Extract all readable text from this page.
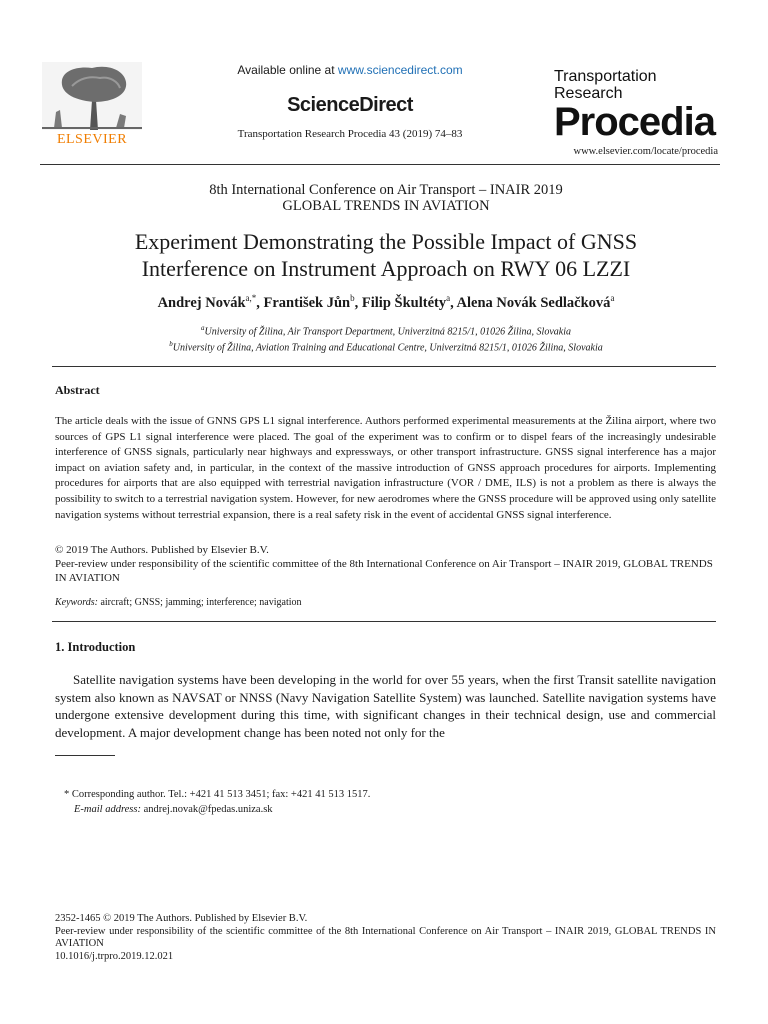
ELSEVIER
Available online at www.sciencedirect.com
ScienceDirect
Transportation Research Procedia 43 (2019) 74–83
Transportation
Research
Procedia
www.elsevier.com/locate/procedia
8th International Conference on Air Transport – INAIR 2019
GLOBAL TRENDS IN AVIATION
Experiment Demonstrating the Possible Impact of GNSS
Interference on Instrument Approach on RWY 06 LZZI
Andrej Novák$^{a,*}$, František Jůn$^b$, Filip Škultéty$^a$, Alena Novák Sedlačková$^a$
$^a$University of Žilina, Air Transport Department, Univerzitná 8215/1, 01026 Žilina, Slovakia
$^b$University of Žilina, Aviation Training and Educational Centre, Univerzitná 8215/1, 01026 Žilina, Slovakia
Abstract
The article deals with the issue of GNNS GPS L1 signal interference. Authors performed experimental measurements at the Žilina airport, where two sources of GPS L1 signal interference were placed. The goal of the experiment was to confirm or to dispel fears of the increasingly undesirable interference of GNSS signals, particularly near highways and expressways, or other transport infrastructure. GNSS signal interference has a major impact on aviation safety and, in particular, in the context of the massive introduction of GNSS approach procedures for airports. Implementing procedures for airports that are also equipped with terrestrial navigation infrastructure (VOR / DME, ILS) is not a problem as there is always the possibility to switch to a terrestrial navigation system. However, for new aerodromes where the GNSS procedure will be approved using only satellite navigation systems without terrestrial expansion, there is a real safety risk in the event of accidental GNSS signal interference.
© 2019 The Authors. Published by Elsevier B.V.
Peer-review under responsibility of the scientific committee of the 8th International Conference on Air Transport – INAIR 2019, GLOBAL TRENDS IN AVIATION
Keywords: aircraft; GNSS; jamming; interference; navigation
1. Introduction
Satellite navigation systems have been developing in the world for over 55 years, when the first Transit satellite navigation system also known as NAVSAT or NNSS (Navy Navigation Satellite System) was launched. Satellite navigation systems have undergone extensive development during this time, with significant changes in their technical design, use and commercial development. A major development change has been noted not only for the
* Corresponding author. Tel.: +421 41 513 3451; fax: +421 41 513 1517.
E-mail address: andrej.novak@fpedas.uniza.sk
2352-1465 © 2019 The Authors. Published by Elsevier B.V.
Peer-review under responsibility of the scientific committee of the 8th International Conference on Air Transport – INAIR 2019, GLOBAL TRENDS IN AVIATION
10.1016/j.trpro.2019.12.021
